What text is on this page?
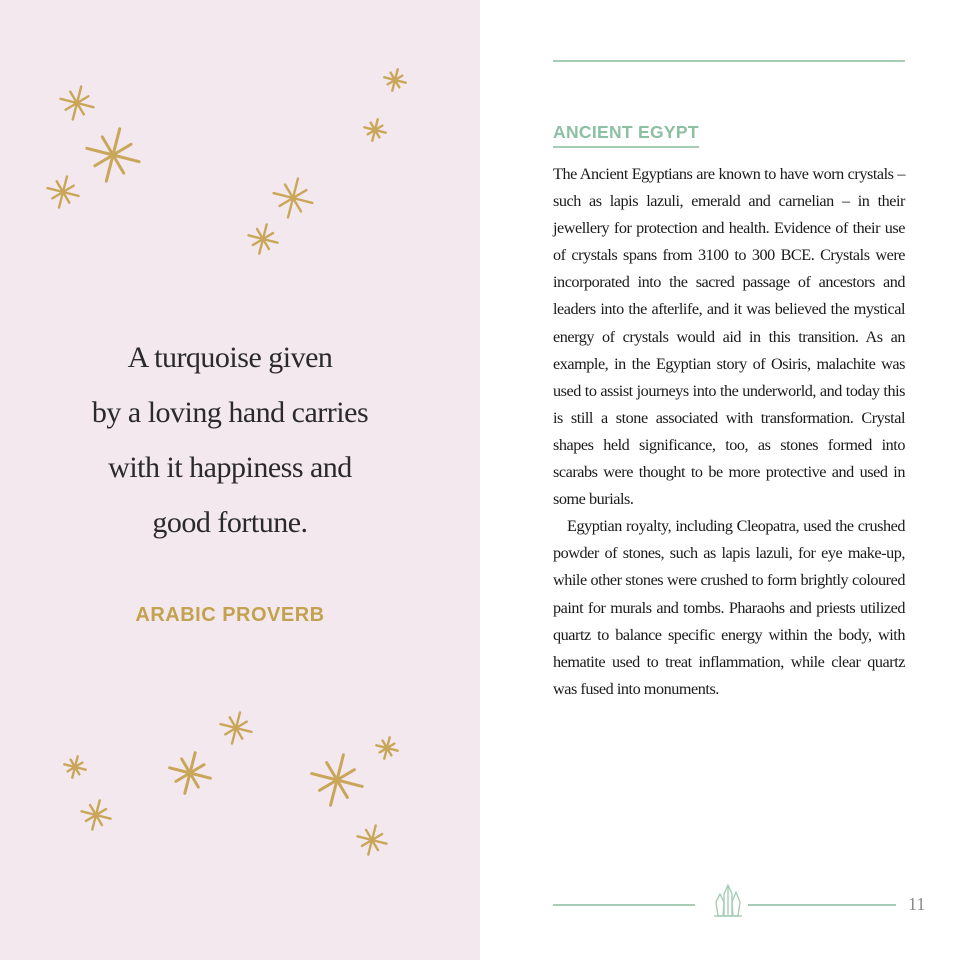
A turquoise given
by a loving hand carries
with it happiness and
good fortune.
ARABIC PROVERB
ANCIENT EGYPT

The Ancient Egyptians are known to have worn crystals – such as lapis lazuli, emerald and carnelian – in their jewellery for protection and health. Evidence of their use of crystals spans from 3100 to 300 BCE. Crystals were incorporated into the sacred passage of ancestors and leaders into the afterlife, and it was believed the mystical energy of crystals would aid in this transition. As an example, in the Egyptian story of Osiris, malachite was used to assist journeys into the underworld, and today this is still a stone associated with transformation. Crystal shapes held significance, too, as stones formed into scarabs were thought to be more protective and used in some burials.

Egyptian royalty, including Cleopatra, used the crushed powder of stones, such as lapis lazuli, for eye make-up, while other stones were crushed to form brightly coloured paint for murals and tombs. Pharaohs and priests utilized quartz to balance specific energy within the body, with hematite used to treat inflammation, while clear quartz was fused into monuments.

11
